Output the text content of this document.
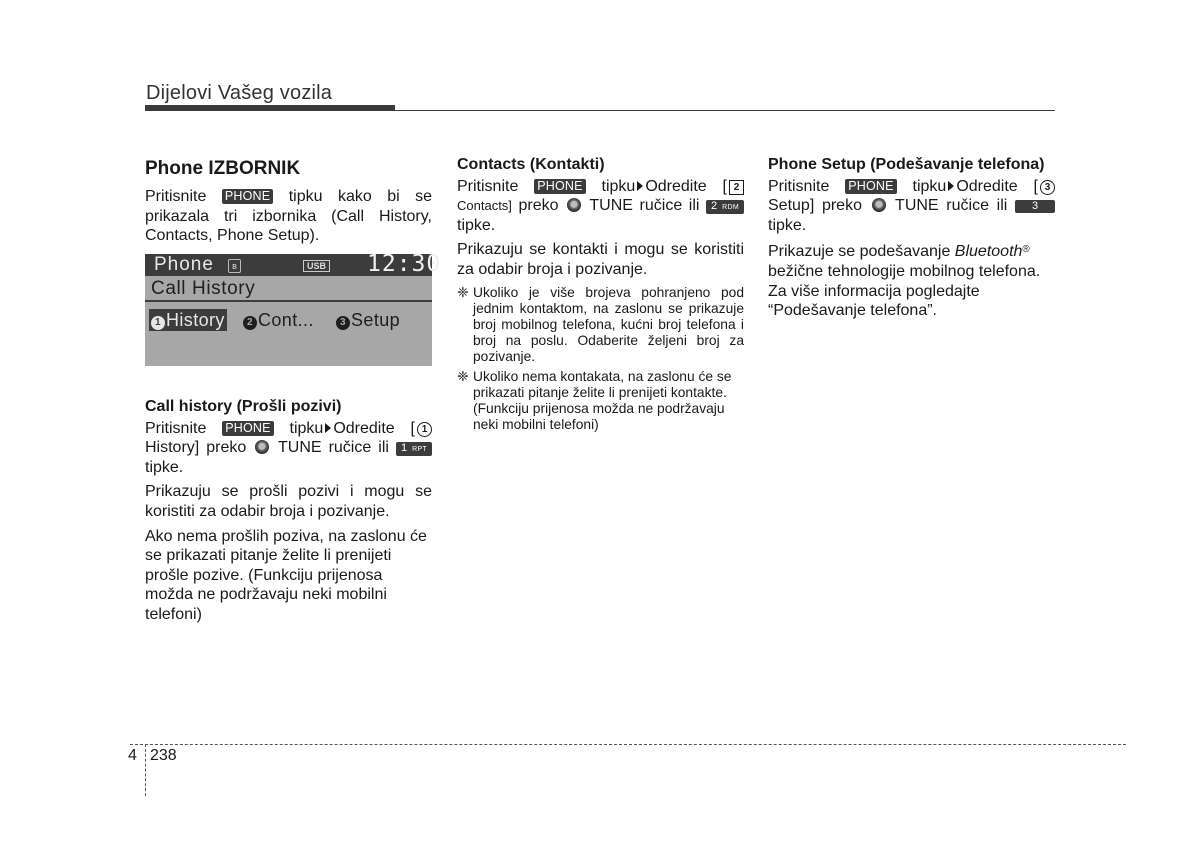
Dijelovi Vašeg vozila
Phone IZBORNIK

Pritisnite PHONE tipku kako bi se prikazala tri izbornika (Call History, Contacts, Phone Setup).

Phone	ʙ	USB 12:30
Call History
1 History	2 Cont...	3 Setup
Call history (Prošli pozivi)

Pritisnite PHONE tipku Odredite [ 1 History] preko TUNE ručice ili 1 RPT tipke.

Prikazuju se prošli pozivi i mogu se koristiti za odabir broja i pozivanje.

Ako nema prošlih poziva, na zaslonu će se prikazati pitanje želite li prenijeti prošle pozive. (Funkciju prijenosa možda ne podržavaju neki mobilni telefoni)

Contacts (Kontakti)

Pritisnite PHONE tipku Odredite [ 2 Contacts] preko TUNE ručice ili 2 RDM tipke.

Prikazuju se kontakti i mogu se koristiti za odabir broja i pozivanje.

❈ Ukoliko je više brojeva pohranjeno pod jednim kontaktom, na zaslonu se prikazuje broj mobilnog telefona, kućni broj telefona i broj na poslu. Odaberite željeni broj za pozivanje.

❈ Ukoliko nema kontakata, na zaslonu će se prikazati pitanje želite li prenijeti kontakte. (Funkciju prijenosa možda ne podržavaju neki mobilni telefoni)

Phone Setup (Podešavanje telefona)

Pritisnite PHONE tipku Odredite [ 3 Setup] preko TUNE ručice ili 3 tipke.

Prikazuje se podešavanje Bluetooth® bežične tehnologije mobilnog telefona. Za više informacija pogledajte “Podešavanje telefona”.

4 238
